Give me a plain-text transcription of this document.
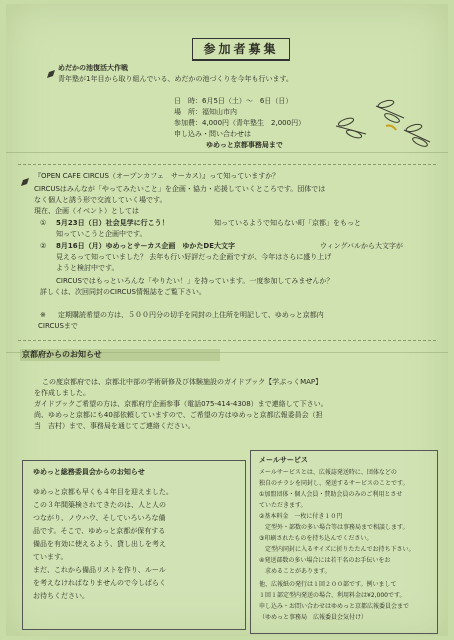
参加者募集
めだかの池復活大作戦
青年塾が1年目から取り組んでいる、めだかの池づくりを今年も行います。
日　時：6月5日（土）～　6日（日）
場　所：福知山市内
参加費：4,000円（青年塾生　2,000円）
申し込み・問い合わせは
ゆめっと京都事務局まで
『OPEN CAFE CIRCUS（オープンカフェ　サーカス）』って知っていますか？
CIRCUSはみんなが「やってみたいこと」を企画・協力・応援していくところです。団体では
なく個人と誘う形で交流していく場です。
現在、企画（イベント）としては
① 5月23日（日）社会見学に行こう！	知っているようで知らない町「京都」をもっと
知っていこうと企画中です。
② 8月16日（月）ゆめっとサーカス企画　ゆかたDE大文字	ウィングバルから大文字が
見えるって知っていました？ 去年も行い好評だった企画ですが、今年はさらに盛り上げ
ようと検討中です。
CIRCUSではもっといろんな「やりたい！」を持っています。一度参加してみませんか？
詳しくは、次回同封のCIRCUS情報誌をご覧下さい。
※ 定期購読希望の方は、５００円分の切手を同封の上住所を明記して、ゆめっと京都内
CIRCUSまで
京都府からのお知らせ
この度京都府では、京都北中部の学術研修及び体験施設のガイドブック【学ぶっくMAP】
を作成しました。
ガイドブックご希望の方は、京都府庁企画参事（電話075-414-4308）まで連絡して下さい。
尚、ゆめっと京都にも40部依頼していますので、ご希望の方はゆめっと京都広報委員会（担
当　吉村）まで、事務局を通じてご連絡ください。
ゆめっと総務委員会からのお知らせ
ゆめっと京都も早くも４年目を迎えました。
この３年間築検されてきたのは、人と人の
つながり、ノウハウ、そしていろいろな備
品です。そこで、ゆめっと京都が保有する
備品を有効に使えるよう、貸し出しを考え
ています。
まだ、これから備品リストを作り、ルール
を考えなければなりませんので今しばらく
お待ちください。
メールサービス
メールサービスとは、広報誌発送時に、団体などの
独自のチラシを同封し、発送するサービスのことです。
①加盟団体・個人会員・賛助会員のみのご利用とさせ
ていただきます。
②基本料金　一枚に付き１０円
　定型外・部数の多い場合等は事務局まで相談します。
③印刷されたものを持ち込んでください。
　定型内同封に入るサイズに折りたたんでお持ち下さい。
④発送部数の多い場合には若干名のお手伝いをお
　求めることがあります。
他、広報紙の発行は１回２００部です。例いまして
１回１部定型内発送の場合、利用料金は¥2,000です。
申し込み・お問い合わせはゆめっと京都広報委員会まで
（ゆめっと事務局　広報委員会気付け）
